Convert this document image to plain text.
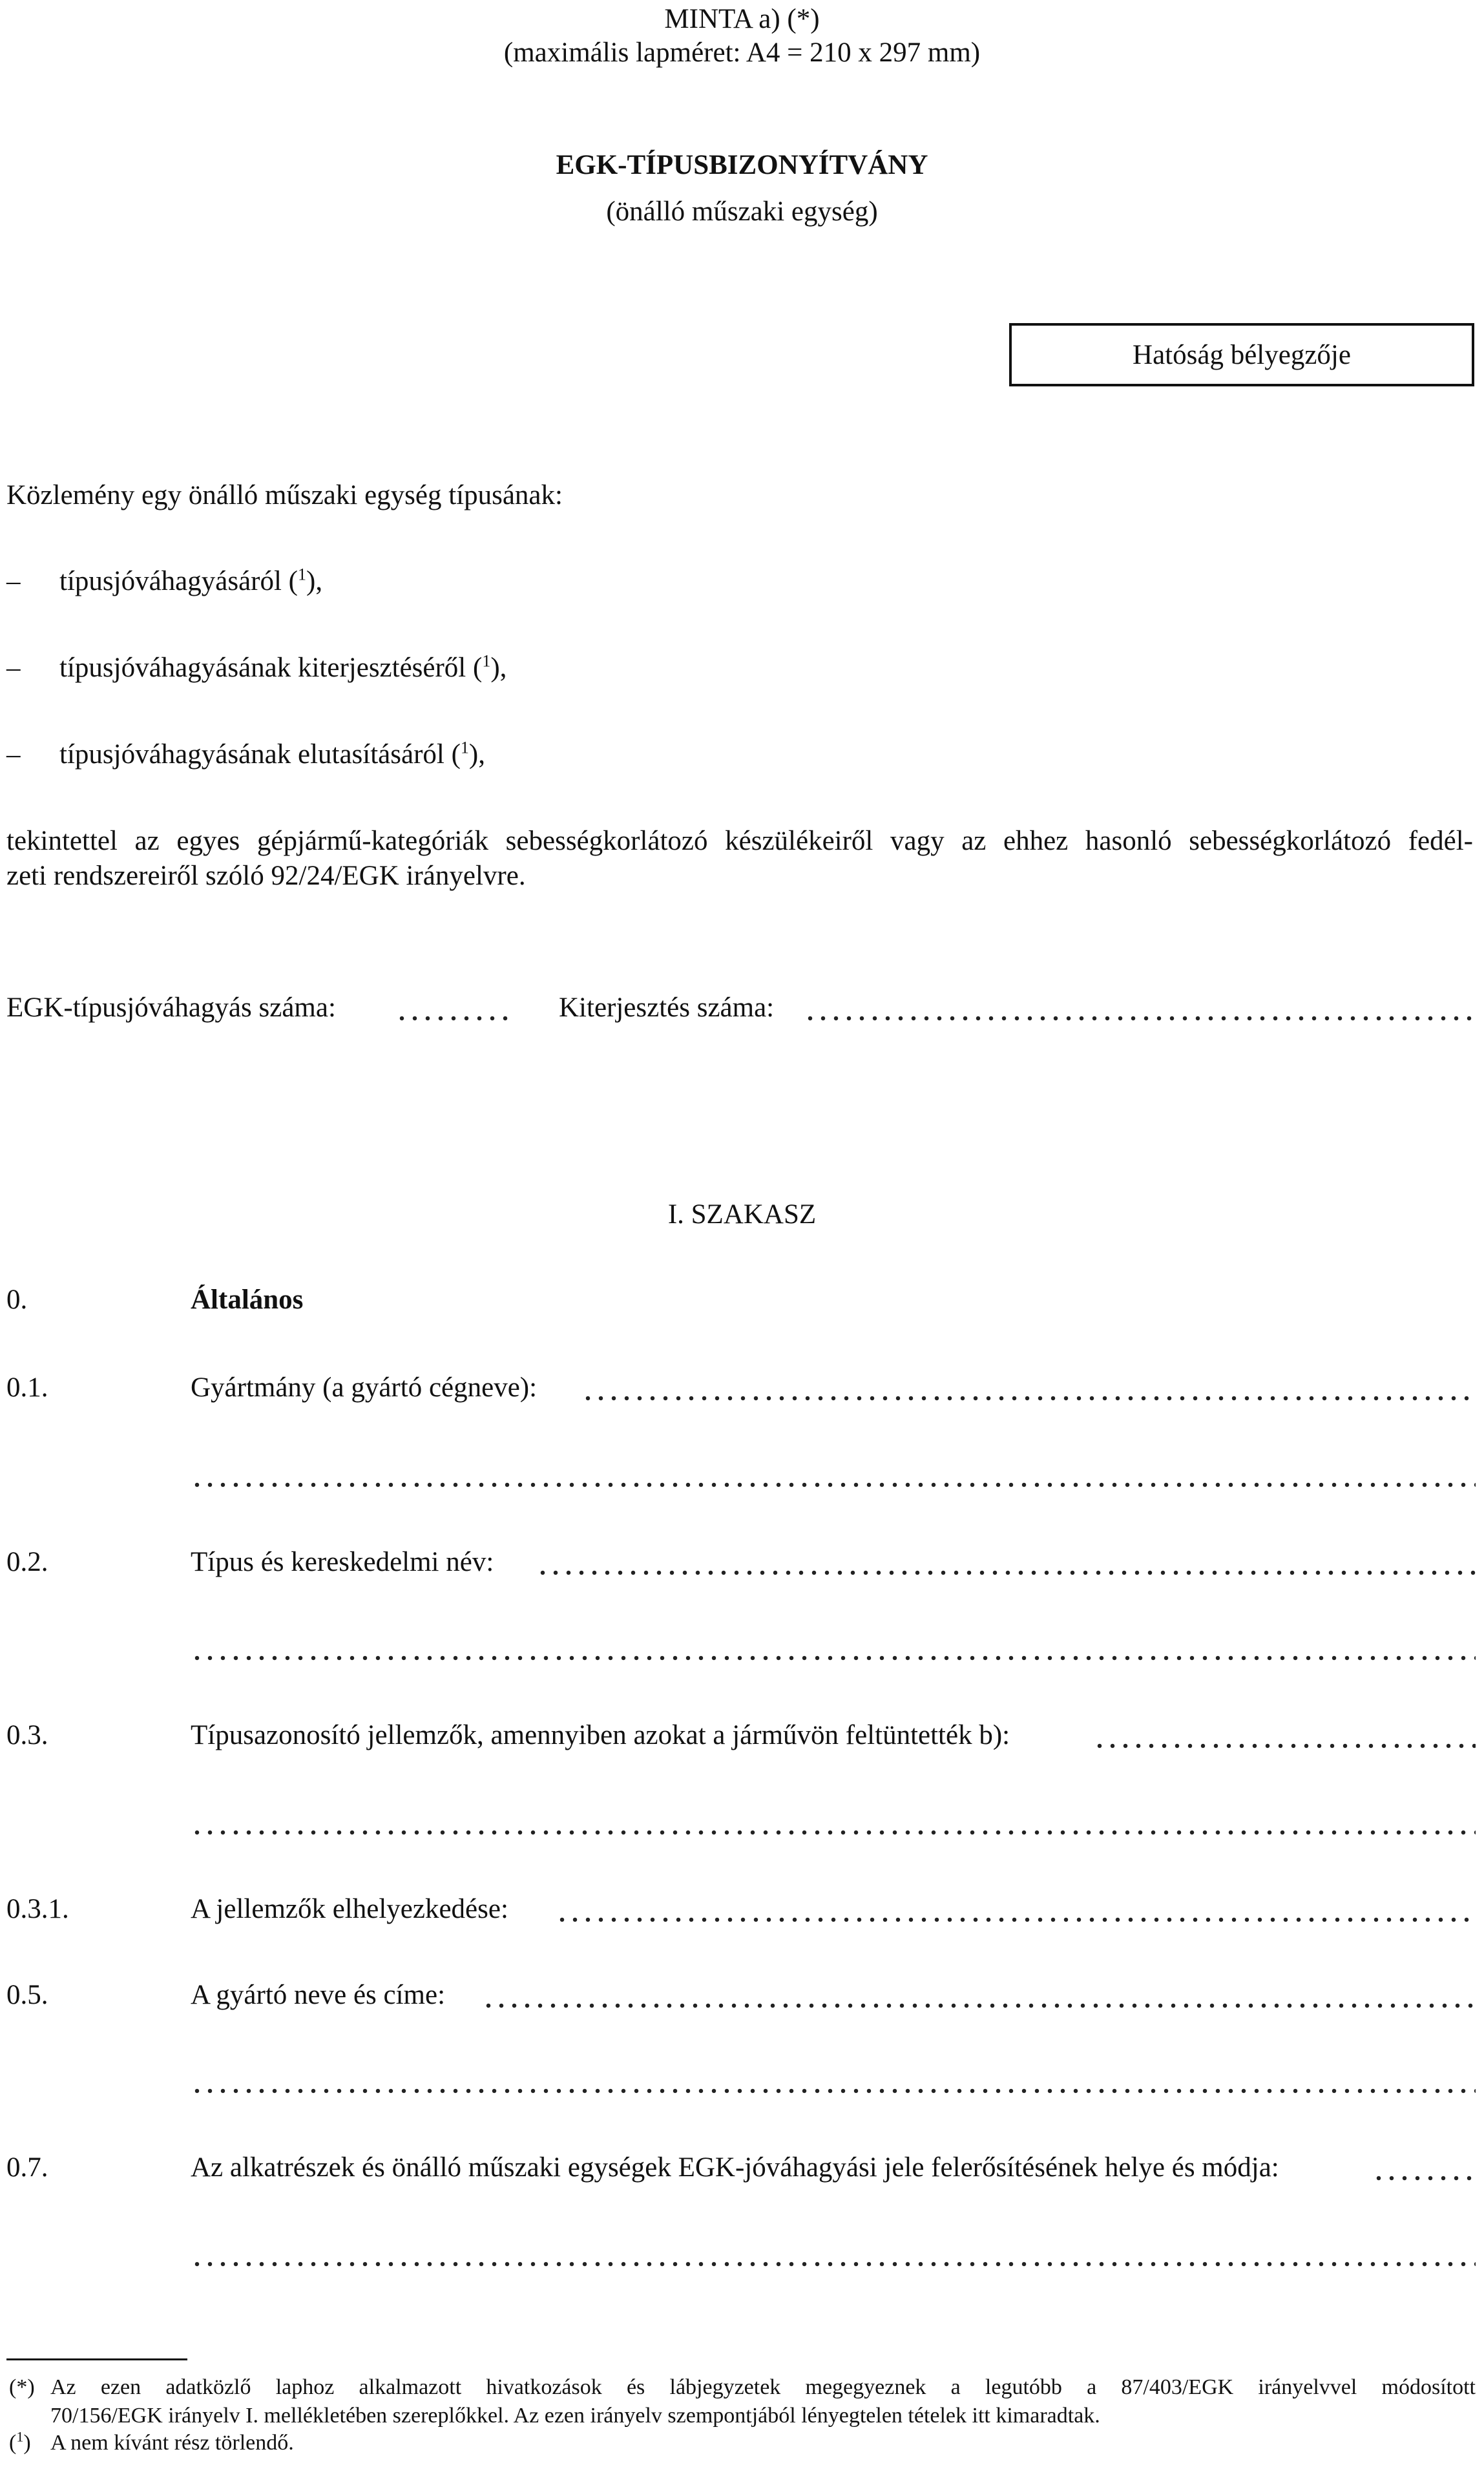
MINTA a) (*)
(maximális lapméret: A4 = 210 x 297 mm)
EGK-TÍPUSBIZONYÍTVÁNY
(önálló műszaki egység)
Hatóság bélyegzője
Közlemény egy önálló műszaki egység típusának:
– típusjóváhagyásáról ($^1$),
– típusjóváhagyásának kiterjesztéséről ($^1$),
– típusjóváhagyásának elutasításáról ($^1$),
tekintettel az egyes gépjármű-kategóriák sebességkorlátozó készülékeiről vagy az ehhez hasonló sebességkorlátozó fedél-
zeti rendszereiről szóló 92/24/EGK irányelvre.
EGK-típusjóváhagyás száma:	Kiterjesztés száma:
I. SZAKASZ
0.	Általános
0.1.	Gyártmány (a gyártó cégneve):
0.2.	Típus és kereskedelmi név:
0.3.	Típusazonosító jellemzők, amennyiben azokat a járművön feltüntették b):
0.3.1.	A jellemzők elhelyezkedése:
0.5.	A gyártó neve és címe:
0.7.	Az alkatrészek és önálló műszaki egységek EGK-jóváhagyási jele felerősítésének helye és módja:
(*) Az ezen adatközlő laphoz alkalmazott hivatkozások és lábjegyzetek megegyeznek a legutóbb a 87/403/EGK irányelvvel módosított
70/156/EGK irányelv I. mellékletében szereplőkkel. Az ezen irányelv szempontjából lényegtelen tételek itt kimaradtak.
($^1$) A nem kívánt rész törlendő.
